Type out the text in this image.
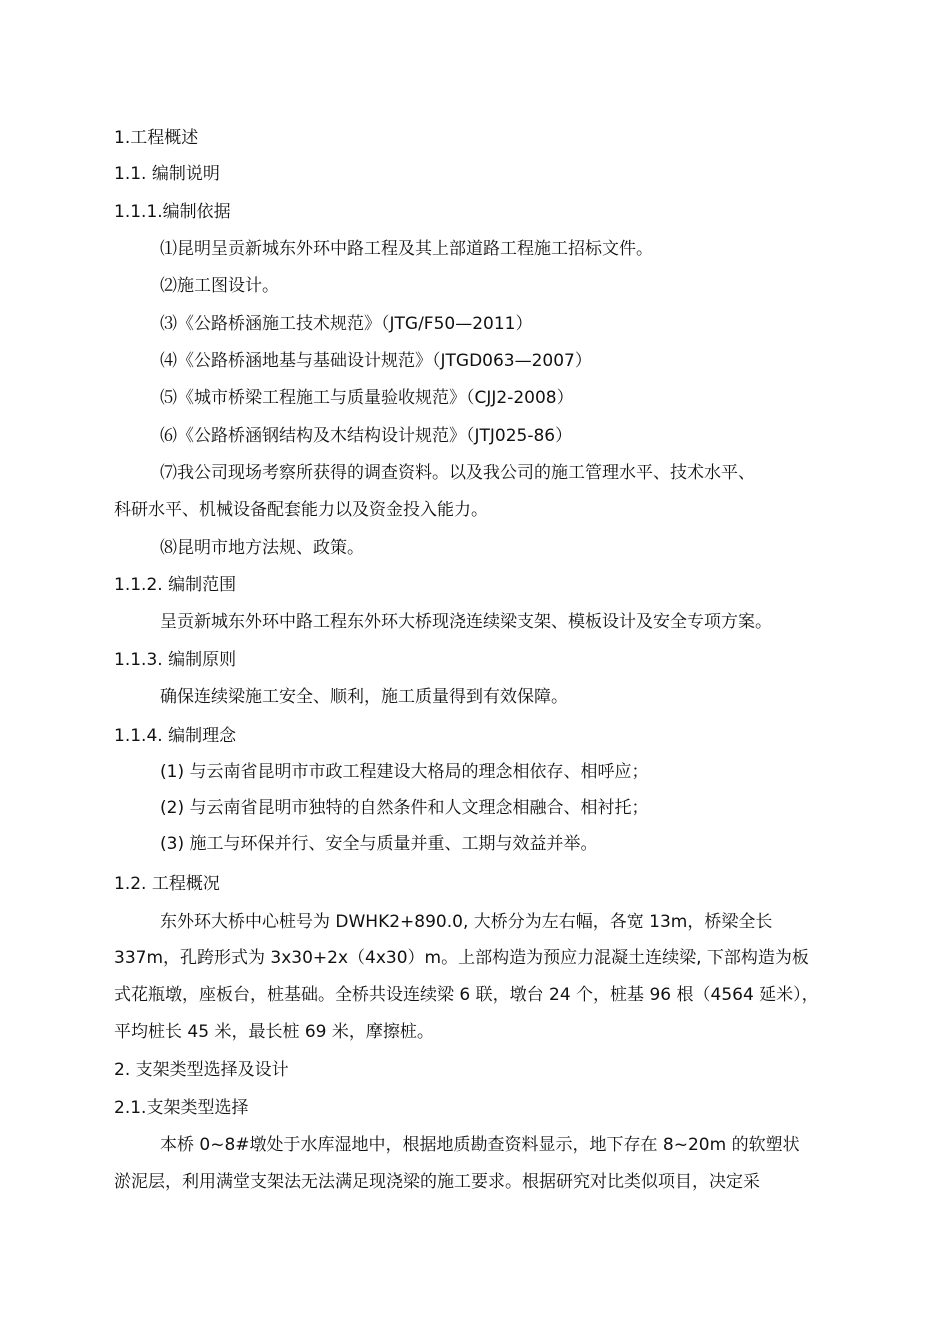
1.工程概述
1.1. 编制说明
1.1.1.编制依据
⑴昆明呈贡新城东外环中路工程及其上部道路工程施工招标文件。
⑵施工图设计。
⑶《公路桥涵施工技术规范》（JTG/F50—2011）
⑷《公路桥涵地基与基础设计规范》（JTGD063—2007）
⑸《城市桥梁工程施工与质量验收规范》（CJJ2-2008）
⑹《公路桥涵钢结构及木结构设计规范》（JTJ025-86）
⑺我公司现场考察所获得的调查资料。以及我公司的施工管理水平、技术水平、
科研水平、机械设备配套能力以及资金投入能力。
⑻昆明市地方法规、政策。
1.1.2. 编制范围
呈贡新城东外环中路工程东外环大桥现浇连续梁支架、模板设计及安全专项方案。
1.1.3. 编制原则
确保连续梁施工安全、顺利，施工质量得到有效保障。
1.1.4. 编制理念
(1) 与云南省昆明市市政工程建设大格局的理念相依存、相呼应；
(2) 与云南省昆明市独特的自然条件和人文理念相融合、相衬托；
(3) 施工与环保并行、安全与质量并重、工期与效益并举。
1.2. 工程概况
东外环大桥中心桩号为 DWHK2+890.0, 大桥分为左右幅，各宽 13m，桥梁全长
337m，孔跨形式为 3x30+2x（4x30）m。上部构造为预应力混凝土连续梁, 下部构造为板
式花瓶墩，座板台，桩基础。全桥共设连续梁 6 联，墩台 24 个，桩基 96 根（4564 延米），
平均桩长 45 米，最长桩 69 米，摩擦桩。
2. 支架类型选择及设计
2.1.支架类型选择
本桥 0~8#墩处于水库湿地中，根据地质勘查资料显示，地下存在 8~20m 的软塑状
淤泥层，利用满堂支架法无法满足现浇梁的施工要求。根据研究对比类似项目，决定采
